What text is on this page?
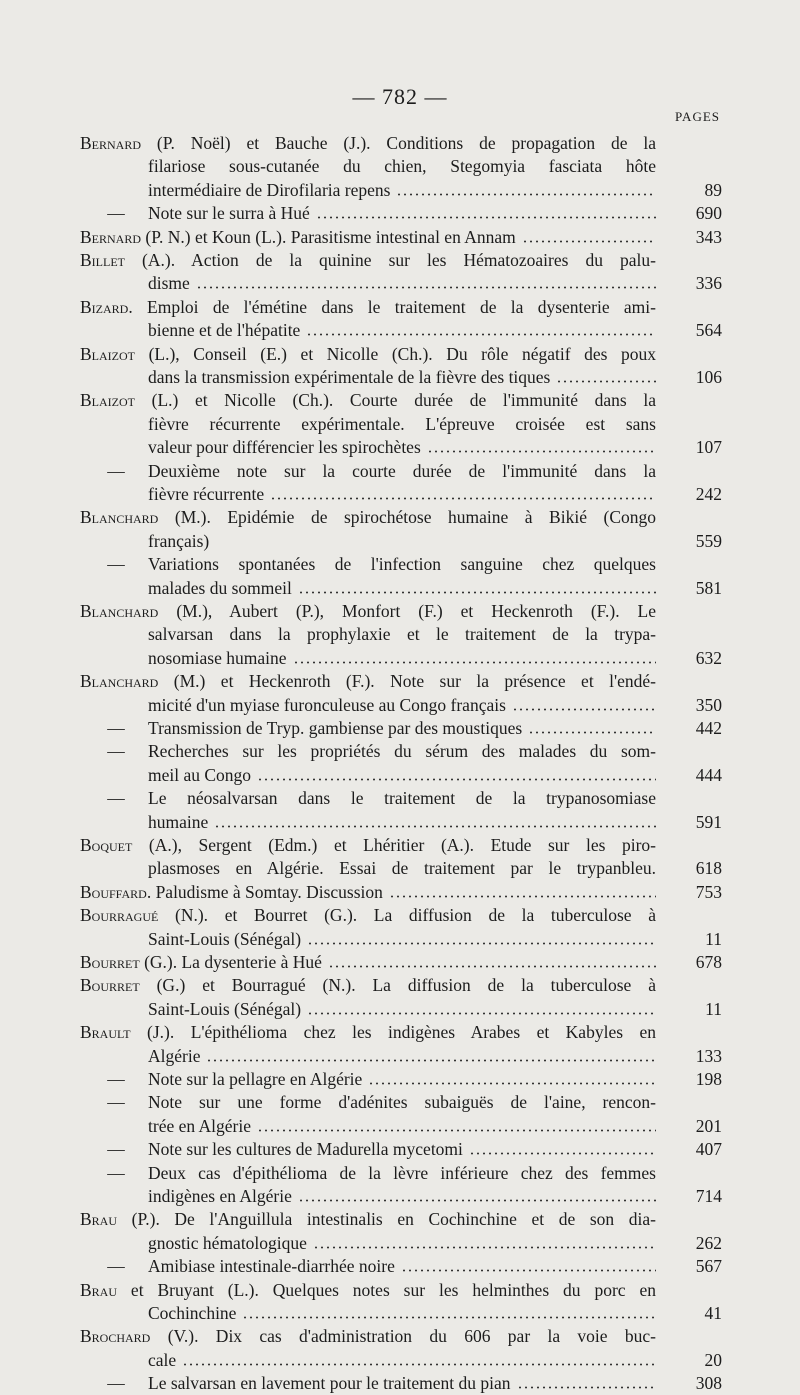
— 782 —
PAGES
Bernard (P. Noël) et Bauche (J.). Conditions de propagation de la
filariose sous-cutanée du chien, Stegomyia fasciata hôte
intermédiaire de Dirofilaria repens	89
— Note sur le surra à Hué	690
Bernard (P. N.) et Koun (L.). Parasitisme intestinal en Annam	343
Billet (A.). Action de la quinine sur les Hématozoaires du palu-
disme	336
Bizard. Emploi de l'émétine dans le traitement de la dysenterie ami-
bienne et de l'hépatite	564
Blaizot (L.), Conseil (E.) et Nicolle (Ch.). Du rôle négatif des poux
dans la transmission expérimentale de la fièvre des tiques	106
Blaizot (L.) et Nicolle (Ch.). Courte durée de l'immunité dans la
fièvre récurrente expérimentale. L'épreuve croisée est sans
valeur pour différencier les spirochètes	107
— Deuxième note sur la courte durée de l'immunité dans la
fièvre récurrente	242
Blanchard (M.). Epidémie de spirochétose humaine à Bikié (Congo
français)	559
— Variations spontanées de l'infection sanguine chez quelques
malades du sommeil	581
Blanchard (M.), Aubert (P.), Monfort (F.) et Heckenroth (F.). Le
salvarsan dans la prophylaxie et le traitement de la trypa-
nosomiase humaine	632
Blanchard (M.) et Heckenroth (F.). Note sur la présence et l'endé-
micité d'un myiase furonculeuse au Congo français	350
— Transmission de Tryp. gambiense par des moustiques	442
— Recherches sur les propriétés du sérum des malades du som-
meil au Congo	444
— Le néosalvarsan dans le traitement de la trypanosomiase
humaine	591
Boquet (A.), Sergent (Edm.) et Lhéritier (A.). Etude sur les piro-
plasmoses en Algérie. Essai de traitement par le trypanbleu.	618
Bouffard. Paludisme à Somtay. Discussion	753
Bourragué (N.). et Bourret (G.). La diffusion de la tuberculose à
Saint-Louis (Sénégal)	11
Bourret (G.). La dysenterie à Hué	678
Bourret (G.) et Bourragué (N.). La diffusion de la tuberculose à
Saint-Louis (Sénégal)	11
Brault (J.). L'épithélioma chez les indigènes Arabes et Kabyles en
Algérie	133
— Note sur la pellagre en Algérie	198
— Note sur une forme d'adénites subaiguës de l'aine, rencon-
trée en Algérie	201
— Note sur les cultures de Madurella mycetomi	407
— Deux cas d'épithélioma de la lèvre inférieure chez des femmes
indigènes en Algérie	714
Brau (P.). De l'Anguillula intestinalis en Cochinchine et de son dia-
gnostic hématologique	262
— Amibiase intestinale-diarrhée noire	567
Brau et Bruyant (L.). Quelques notes sur les helminthes du porc en
Cochinchine	41
Brochard (V.). Dix cas d'administration du 606 par la voie buc-
cale	20
— Le salvarsan en lavement pour le traitement du pian	308
